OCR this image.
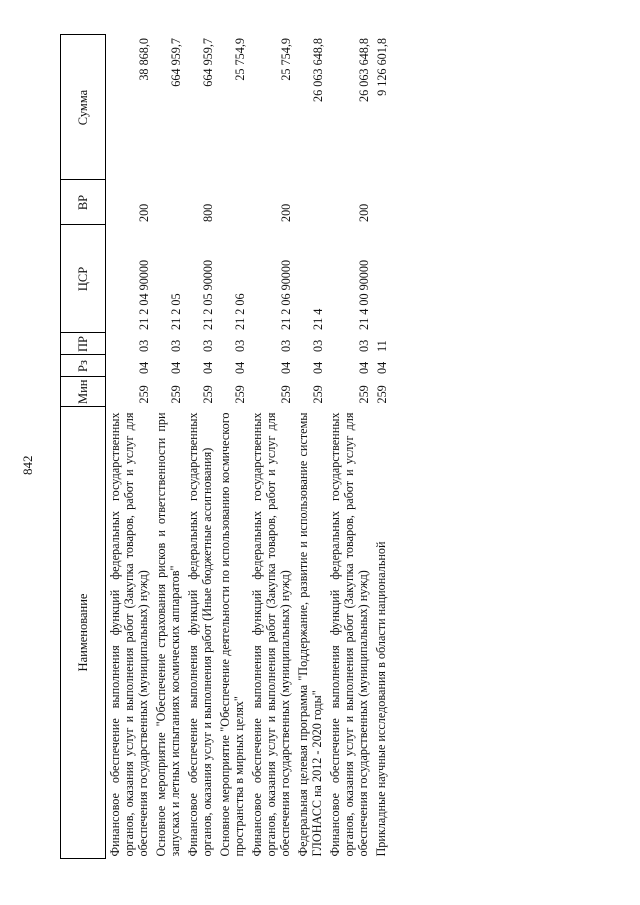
842
Наименование	Мин	Рз	ПР	ЦСР	ВР	Сумма
Финансовое обеспечение выполнения функций федеральных государственных органов, оказания услуг и выполнения работ (Закупка товаров, работ и услуг для обеспечения государственных (муниципальных) нужд)	259	04	03	21 2 04 90000	200	38 868,0
Основное мероприятие "Обеспечение страхования рисков и ответственности при запусках и летных испытаниях космических аппаратов"	259	04	03	21 2 05		664 959,7
Финансовое обеспечение выполнения функций федеральных государственных органов, оказания услуг и выполнения работ (Иные бюджетные ассигнования)	259	04	03	21 2 05 90000	800	664 959,7
Основное мероприятие "Обеспечение деятельности по использованию космического пространства в мирных целях"	259	04	03	21 2 06		25 754,9
Финансовое обеспечение выполнения функций федеральных государственных органов, оказания услуг и выполнения работ (Закупка товаров, работ и услуг для обеспечения государственных (муниципальных) нужд)	259	04	03	21 2 06 90000	200	25 754,9
Федеральная целевая программа "Поддержание, развитие и использование системы ГЛОНАСС на 2012 - 2020 годы"	259	04	03	21 4		26 063 648,8
Финансовое обеспечение выполнения функций федеральных государственных органов, оказания услуг и выполнения работ (Закупка товаров, работ и услуг для обеспечения государственных (муниципальных) нужд)	259	04	03	21 4 00 90000	200	26 063 648,8
Прикладные научные исследования в области национальной	259	04	11			9 126 601,8
